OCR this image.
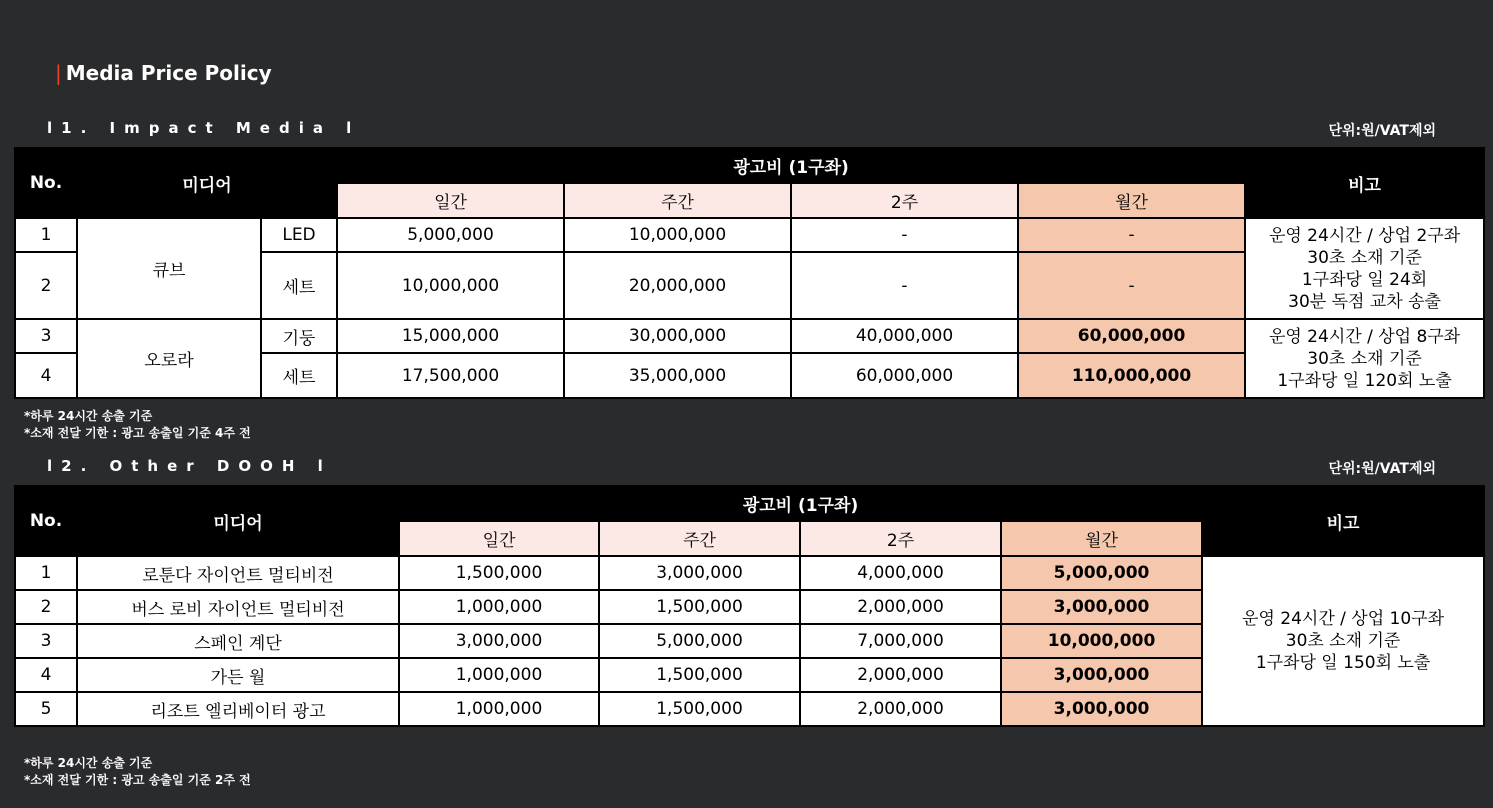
| Media Price Policy
l1. Impact Media l	단위:원/VAT제외
No.	미디어		광고비 (1구좌)				비고
			일간	주간	2주	월간	
1	큐브	LED	5,000,000	10,000,000	-	-	운영 24시간 / 상업 2구좌
30초 소재 기준
1구좌당 일 24회
30분 독점 교차 송출

2		세트	10,000,000	20,000,000	-	-	
3	오로라	기둥	15,000,000	30,000,000	40,000,000	60,000,000	운영 24시간 / 상업 8구좌
30초 소재 기준
1구좌당 일 120회 노출

4		세트	17,500,000	35,000,000	60,000,000	110,000,000	
*하루 24시간 송출 기준
*소재 전달 기한 : 광고 송출일 기준 4주 전
l2. Other DOOH l	단위:원/VAT제외
No.	미디어	광고비 (1구좌)				비고
		일간	주간	2주	월간	
1	로툰다 자이언트 멀티비전	1,500,000	3,000,000	4,000,000	5,000,000	운영 24시간 / 상업 10구좌
30초 소재 기준
1구좌당 일 150회 노출

2	버스 로비 자이언트 멀티비전	1,000,000	1,500,000	2,000,000	3,000,000	
3	스페인 계단	3,000,000	5,000,000	7,000,000	10,000,000	
4	가든 월	1,000,000	1,500,000	2,000,000	3,000,000	
5	리조트 엘리베이터 광고	1,000,000	1,500,000	2,000,000	3,000,000	
*하루 24시간 송출 기준
*소재 전달 기한 : 광고 송출일 기준 2주 전
